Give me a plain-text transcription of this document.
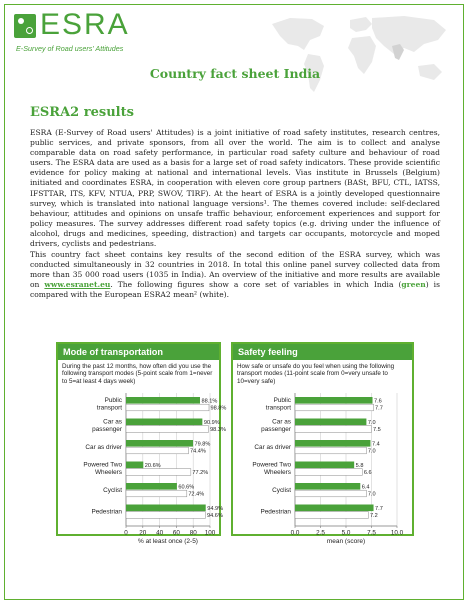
ESRA
E-Survey of Road users' Attitudes
Country fact sheet India
ESRA2 results

ESRA (E-Survey of Road users' Attitudes) is a joint initiative of road safety institutes, research centres, public services, and private sponsors, from all over the world. The aim is to collect and analyse comparable data on road safety performance, in particular road safety culture and behaviour of road users. The ESRA data are used as a basis for a large set of road safety indicators. These provide scientific evidence for policy making at national and international levels. Vias institute in Brussels (Belgium) initiated and coordinates ESRA, in cooperation with eleven core group partners (BASt, BFU, CTL, IATSS, IFSTTAR, ITS, KFV, NTUA, PRP, SWOV, TIRF). At the heart of ESRA is a jointly developed questionnaire survey, which is translated into national language versions¹. The themes covered include: self-declared behaviour, attitudes and opinions on unsafe traffic behaviour, enforcement experiences and support for policy measures. The survey addresses different road safety topics (e.g. driving under the influence of alcohol, drugs and medicines, speeding, distraction) and targets car occupants, motorcycle and moped drivers, cyclists and pedestrians.

This country fact sheet contains key results of the second edition of the ESRA survey, which was conducted simultaneously in 32 countries in 2018. In total this online panel survey collected data from more than 35 000 road users (1035 in India). An overview of the initiative and more results are available on www.esranet.eu. The following figures show a core set of variables in which India (green) is compared with the European ESRA2 mean² (white).

Mode of transportation
During the past 12 months, how often did you use the following transport modes (5-point scale from 1=never to 5=at least 4 days week)
0 20 40 60 80 100
% at least once (2-5)
Public
transport
88.1%
98.8%
Car as
passenger
90.9%
98.3%
Car as driver	79.8%
74.4%
Powered Two
Wheelers
20.6%
77.2%
Cyclist	60.6%
72.4%
Pedestrian	94.9%
94.6%
Safety feeling
How safe or unsafe do you feel when using the following transport modes (11-point scale from 0=very unsafe to 10=very safe)
0.0	2.5	5.0	7.5 10.0
mean (score)
Public
transport
7.6
7.7
Car as
passenger
7.0
7.5
Car as driver	7.4
7.0
Powered Two
Wheelers
5.8
6.6
Cyclist	6.4
7.0
Pedestrian	7.7
7.2
